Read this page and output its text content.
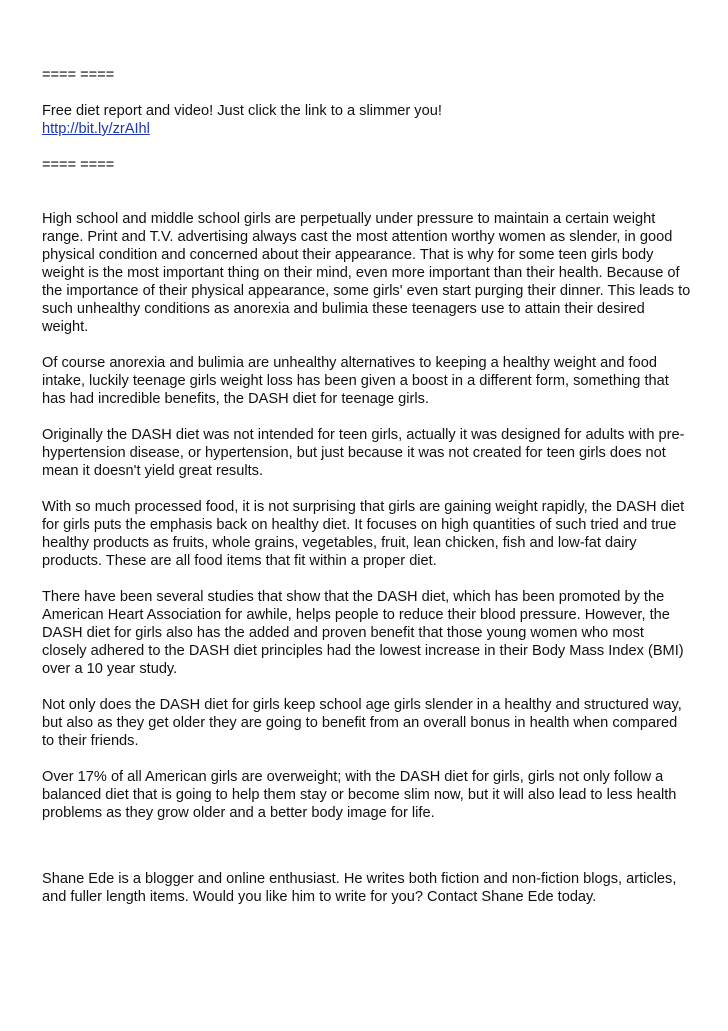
==== ====

Free diet report and video! Just click the link to a slimmer you!

http://bit.ly/zrAIhl

==== ====

High school and middle school girls are perpetually under pressure to maintain a certain weight range. Print and T.V. advertising always cast the most attention worthy women as slender, in good physical condition and concerned about their appearance. That is why for some teen girls body weight is the most important thing on their mind, even more important than their health. Because of the importance of their physical appearance, some girls' even start purging their dinner. This leads to such unhealthy conditions as anorexia and bulimia these teenagers use to attain their desired weight.

Of course anorexia and bulimia are unhealthy alternatives to keeping a healthy weight and food intake, luckily teenage girls weight loss has been given a boost in a different form, something that has had incredible benefits, the DASH diet for teenage girls.

Originally the DASH diet was not intended for teen girls, actually it was designed for adults with pre-hypertension disease, or hypertension, but just because it was not created for teen girls does not mean it doesn't yield great results.

With so much processed food, it is not surprising that girls are gaining weight rapidly, the DASH diet for girls puts the emphasis back on healthy diet. It focuses on high quantities of such tried and true healthy products as fruits, whole grains, vegetables, fruit, lean chicken, fish and low-fat dairy products. These are all food items that fit within a proper diet.

There have been several studies that show that the DASH diet, which has been promoted by the American Heart Association for awhile, helps people to reduce their blood pressure. However, the DASH diet for girls also has the added and proven benefit that those young women who most closely adhered to the DASH diet principles had the lowest increase in their Body Mass Index (BMI) over a 10 year study.

Not only does the DASH diet for girls keep school age girls slender in a healthy and structured way, but also as they get older they are going to benefit from an overall bonus in health when compared to their friends.

Over 17% of all American girls are overweight; with the DASH diet for girls, girls not only follow a balanced diet that is going to help them stay or become slim now, but it will also lead to less health problems as they grow older and a better body image for life.

Shane Ede is a blogger and online enthusiast. He writes both fiction and non-fiction blogs, articles, and fuller length items. Would you like him to write for you? Contact Shane Ede today.
